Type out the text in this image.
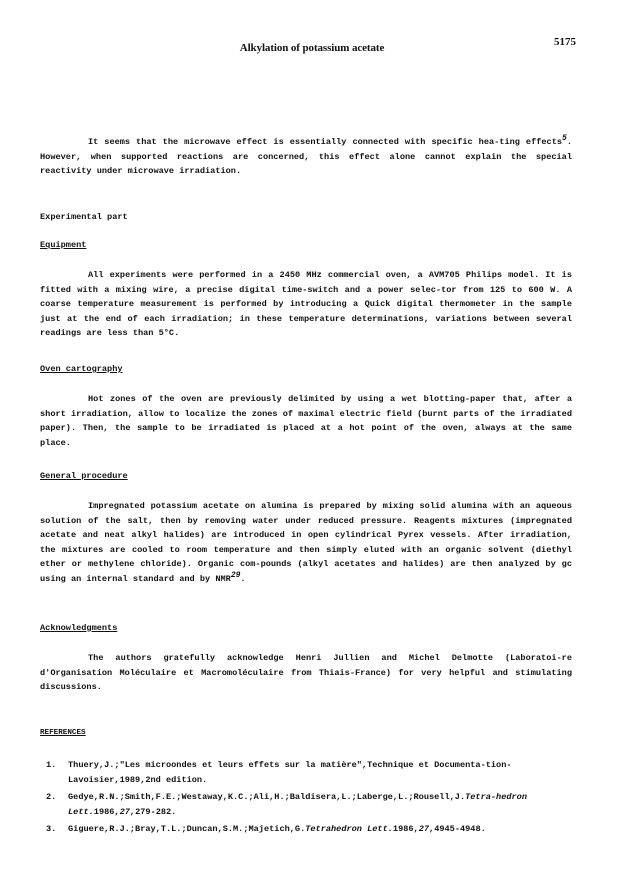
Alkylation of potassium acetate	5175

It seems that the microwave effect is essentially connected with specific hea-ting effects$^5$. However, when supported reactions are concerned, this effect alone cannot explain the special reactivity under microwave irradiation.

Experimental part

Equipment

All experiments were performed in a 2450 MHz commercial oven, a AVM705 Philips model. It is fitted with a mixing wire, a precise digital time-switch and a power selec-tor from 125 to 600 W. A coarse temperature measurement is performed by introducing a Quick digital thermometer in the sample just at the end of each irradiation; in these temperature determinations, variations between several readings are less than 5°C.

Oven cartography

Hot zones of the oven are previously delimited by using a wet blotting-paper that, after a short irradiation, allow to localize the zones of maximal electric field (burnt parts of the irradiated paper). Then, the sample to be irradiated is placed at a hot point of the oven, always at the same place.

General procedure

Impregnated potassium acetate on alumina is prepared by mixing solid alumina with an aqueous solution of the salt, then by removing water under reduced pressure. Reagents mixtures (impregnated acetate and neat alkyl halides) are introduced in open cylindrical Pyrex vessels. After irradiation, the mixtures are cooled to room temperature and then simply eluted with an organic solvent (diethyl ether or methylene chloride). Organic com-pounds (alkyl acetates and halides) are then analyzed by gc using an internal standard and by NMR$^{29}$.

Acknowledgments

The authors gratefully acknowledge Henri Jullien and Michel Delmotte (Laboratoi-re d'Organisation Moléculaire et Macromoléculaire from Thiais-France) for very helpful and stimulating discussions.

REFERENCES

1.	Thuery,J.;"Les microondes et leurs effets sur la matière",Technique et Documenta-tion-Lavoisier,1989,2nd edition.
2.	Gedye,R.N.;Smith,F.E.;Westaway,K.C.;Ali,H.;Baldisera,L.;Laberge,L.;Rousell,J.Tetra-hedron Lett.1986,27,279-282.
3.	Giguere,R.J.;Bray,T.L.;Duncan,S.M.;Majetich,G.Tetrahedron Lett.1986,27,4945-4948.
